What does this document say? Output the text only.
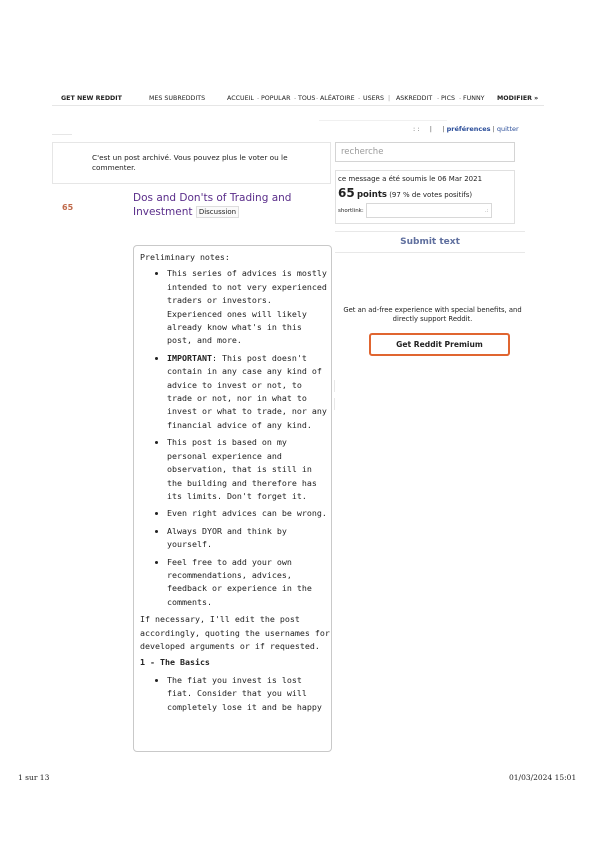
GET NEW REDDIT	MES SUBREDDITS	ACCUEIL - POPULAR - TOUS - ALÉATOIRE - USERS | ASKREDDIT - PICS - FUNNY MODIFIER »
: : | | préférences | quitter
C'est un post archivé. Vous pouvez plus le voter ou le commenter.
65
Dos and Don'ts of Trading and Investment Discussion

Preliminary notes:

• This series of advices is mostly intended to not very experienced traders or investors. Experienced ones will likely already know what's in this post, and more.
• IMPORTANT: This post doesn't contain in any case any kind of advice to invest or not, to trade or not, nor in what to invest or what to trade, nor any financial advice of any kind.
• This post is based on my personal experience and observation, that is still in the building and therefore has its limits. Don't forget it.
• Even right advices can be wrong.
• Always DYOR and think by yourself.
• Feel free to add your own recommendations, advices, feedback or experience in the comments.

If necessary, I'll edit the post accordingly, quoting the usernames for developed arguments or if requested.

1 - The Basics
• The fiat you invest is lost fiat. Consider that you will completely lose it and be happy
recherche
ce message a été soumis le 06 Mar 2021
65 points (97 % de votes positifs)
shortlink:	.:
Submit text
Get an ad-free experience with special benefits, and directly support Reddit.
Get Reddit Premium
1 sur 13	01/03/2024 15:01
